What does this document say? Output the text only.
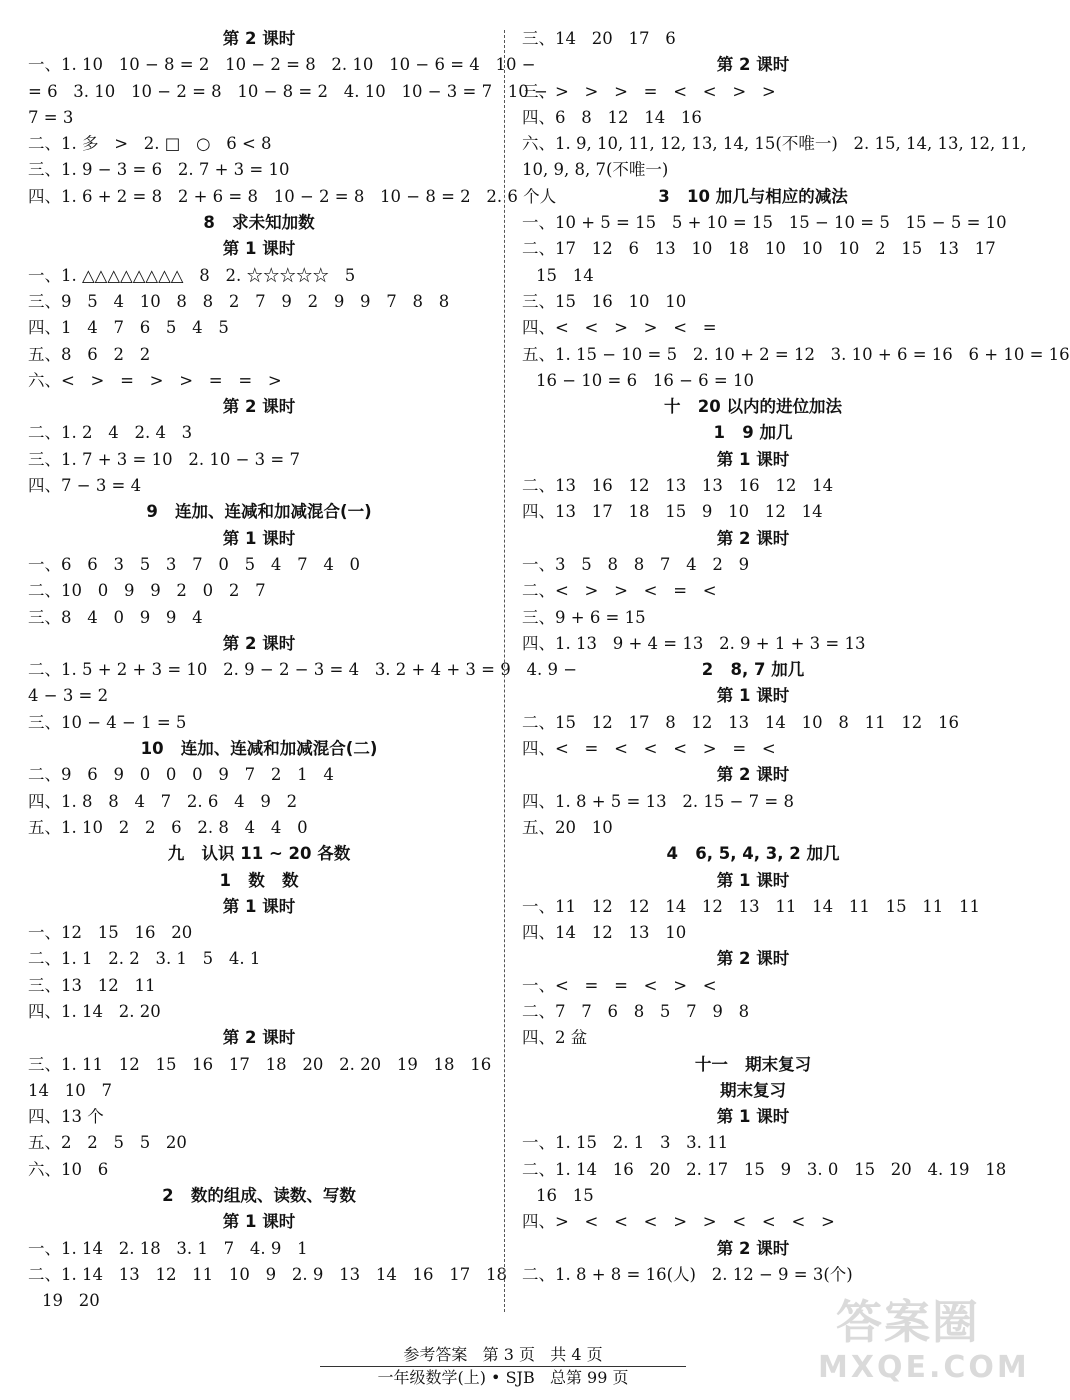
第 2 课时
一、1. 10   10 − 8 = 2   10 − 2 = 8   2. 10   10 − 6 = 4   10 −
= 6   3. 10   10 − 2 = 8   10 − 8 = 2   4. 10   10 − 3 = 7   10 −
7 = 3
二、1. 多   >   2. □   ○   6 < 8
三、1. 9 − 3 = 6   2. 7 + 3 = 10
四、1. 6 + 2 = 8   2 + 6 = 8   10 − 2 = 8   10 − 8 = 2   2. 6 个人
8   求未知加数
第 1 课时
一、1. △△△△△△△△   8   2. ☆☆☆☆☆   5
三、9   5   4   10   8   8   2   7   9   2   9   9   7   8   8
四、1   4   7   6   5   4   5
五、8   6   2   2
六、<   >   =   >   >   =   =   >
第 2 课时
二、1. 2   4   2. 4   3
三、1. 7 + 3 = 10   2. 10 − 3 = 7
四、7 − 3 = 4
9   连加、连减和加减混合(一)
第 1 课时
一、6   6   3   5   3   7   0   5   4   7   4   0
二、10   0   9   9   2   0   2   7
三、8   4   0   9   9   4
第 2 课时
二、1. 5 + 2 + 3 = 10   2. 9 − 2 − 3 = 4   3. 2 + 4 + 3 = 9   4. 9 −
4 − 3 = 2
三、10 − 4 − 1 = 5
10   连加、连减和加减混合(二)
二、9   6   9   0   0   0   9   7   2   1   4
四、1. 8   8   4   7   2. 6   4   9   2
五、1. 10   2   2   6   2. 8   4   4   0
九   认识 11 ~ 20 各数
1   数   数
第 1 课时
一、12   15   16   20
二、1. 1   2. 2   3. 1   5   4. 1
三、13   12   11
四、1. 14   2. 20
第 2 课时
三、1. 11   12   15   16   17   18   20   2. 20   19   18   16
14   10   7
四、13 个
五、2   2   5   5   20
六、10   6
2   数的组成、读数、写数
第 1 课时
一、1. 14   2. 18   3. 1   7   4. 9   1
二、1. 14   13   12   11   10   9   2. 9   13   14   16   17   18
19   20
三、14   20   17   6
第 2 课时
三、>   >   >   =   <   <   >   >
四、6   8   12   14   16
六、1. 9, 10, 11, 12, 13, 14, 15(不唯一)   2. 15, 14, 13, 12, 11,
10, 9, 8, 7(不唯一)
3   10 加几与相应的减法
一、10 + 5 = 15   5 + 10 = 15   15 − 10 = 5   15 − 5 = 10
二、17   12   6   13   10   18   10   10   10   2   15   13   17
15   14
三、15   16   10   10
四、<   <   >   >   <   =
五、1. 15 − 10 = 5   2. 10 + 2 = 12   3. 10 + 6 = 16   6 + 10 = 16
16 − 10 = 6   16 − 6 = 10
十   20 以内的进位加法
1   9 加几
第 1 课时
二、13   16   12   13   13   16   12   14
四、13   17   18   15   9   10   12   14
第 2 课时
一、3   5   8   8   7   4   2   9
二、<   >   >   <   =   <
三、9 + 6 = 15
四、1. 13   9 + 4 = 13   2. 9 + 1 + 3 = 13
2   8, 7 加几
第 1 课时
二、15   12   17   8   12   13   14   10   8   11   12   16
四、<   =   <   <   <   >   =   <
第 2 课时
四、1. 8 + 5 = 13   2. 15 − 7 = 8
五、20   10
4   6, 5, 4, 3, 2 加几
第 1 课时
一、11   12   12   14   12   13   11   14   11   15   11   11
四、14   12   13   10
第 2 课时
一、<   =   =   <   >   <
二、7   7   6   8   5   7   9   8
四、2 盆
十一   期末复习
期末复习
第 1 课时
一、1. 15   2. 1   3   3. 11
二、1. 14   16   20   2. 17   15   9   3. 0   15   20   4. 19   18
16   15
四、>   <   <   <   >   >   <   <   <   >
第 2 课时
二、1. 8 + 8 = 16(人)   2. 12 − 9 = 3(个)
参考答案   第 3 页   共 4 页
一年级数学(上) • SJB   总第 99 页
答案圈
MXQE.COM
